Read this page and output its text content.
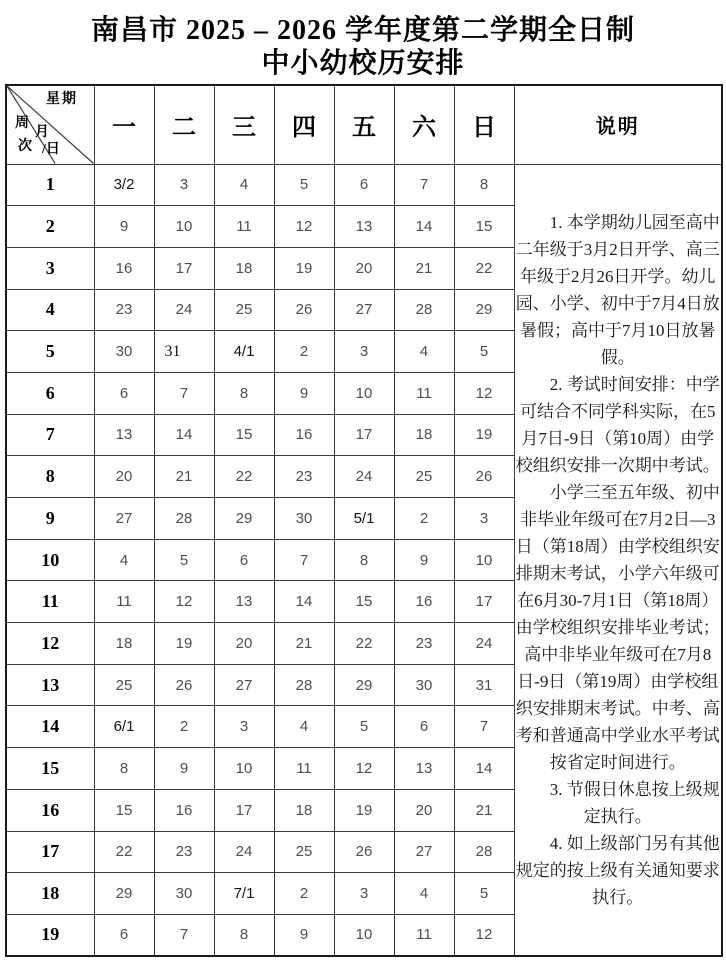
南昌市 2025 – 2026 学年度第二学期全日制
中小幼校历安排
星期
周
月
次 /日	一	二	三	四	五	六	日	说明
1	3/2	3	4	5	6	7	8	1. 本学期幼儿园至高中二年级于3月2日开学、高三年级于2月26日开学。幼儿园、小学、初中于7月4日放暑假；高中于7月10日放暑假。

2. 考试时间安排：中学可结合不同学科实际，在5月7日-9日（第10周）由学校组织安排一次期中考试。

小学三至五年级、初中非毕业年级可在7月2日—3日（第18周）由学校组织安排期末考试，小学六年级可在6月30-7月1日（第18周）由学校组织安排毕业考试；高中非毕业年级可在7月8日-9日（第19周）由学校组织安排期末考试。中考、高考和普通高中学业水平考试按省定时间进行。

3. 节假日休息按上级规定执行。

4. 如上级部门另有其他规定的按上级有关通知要求执行。

2	9	10	11	12	13	14	15	
3	16	17	18	19	20	21	22	
4	23	24	25	26	27	28	29	
5	30	31	4/1	2	3	4	5	
6	6	7	8	9	10	11	12	
7	13	14	15	16	17	18	19	
8	20	21	22	23	24	25	26	
9	27	28	29	30	5/1	2	3	
10	4	5	6	7	8	9	10	
11	11	12	13	14	15	16	17	
12	18	19	20	21	22	23	24	
13	25	26	27	28	29	30	31	
14	6/1	2	3	4	5	6	7	
15	8	9	10	11	12	13	14	
16	15	16	17	18	19	20	21	
17	22	23	24	25	26	27	28	
18	29	30	7/1	2	3	4	5	
19	6	7	8	9	10	11	12	
